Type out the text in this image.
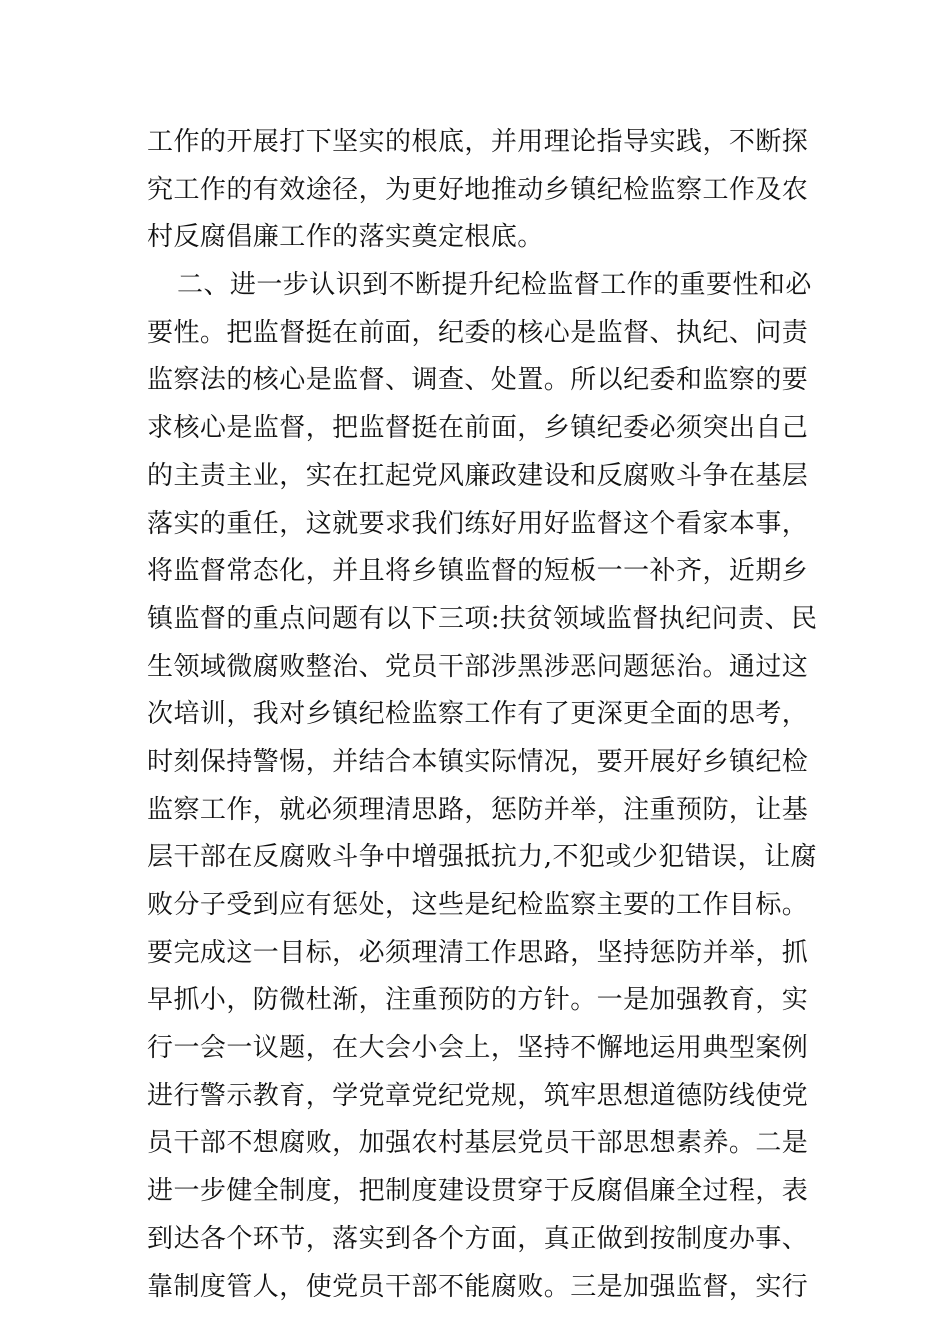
工作的开展打下坚实的根底，并用理论指导实践，不断探
究工作的有效途径，为更好地推动乡镇纪检监察工作及农
村反腐倡廉工作的落实奠定根底。
二、进一步认识到不断提升纪检监督工作的重要性和必
要性。把监督挺在前面，纪委的核心是监督、执纪、问责
监察法的核心是监督、调查、处置。所以纪委和监察的要
求核心是监督，把监督挺在前面，乡镇纪委必须突出自己
的主责主业，实在扛起党风廉政建设和反腐败斗争在基层
落实的重任，这就要求我们练好用好监督这个看家本事，
将监督常态化，并且将乡镇监督的短板一一补齐，近期乡
镇监督的重点问题有以下三项:扶贫领域监督执纪问责、民
生领域微腐败整治、党员干部涉黑涉恶问题惩治。通过这
次培训，我对乡镇纪检监察工作有了更深更全面的思考，
时刻保持警惕，并结合本镇实际情况，要开展好乡镇纪检
监察工作，就必须理清思路，惩防并举，注重预防，让基
层干部在反腐败斗争中增强抵抗力,不犯或少犯错误，让腐
败分子受到应有惩处，这些是纪检监察主要的工作目标。
要完成这一目标，必须理清工作思路，坚持惩防并举，抓
早抓小，防微杜渐，注重预防的方针。一是加强教育，实
行一会一议题，在大会小会上，坚持不懈地运用典型案例
进行警示教育，学党章党纪党规，筑牢思想道德防线使党
员干部不想腐败，加强农村基层党员干部思想素养。二是
进一步健全制度，把制度建设贯穿于反腐倡廉全过程，表
到达各个环节，落实到各个方面，真正做到按制度办事、
靠制度管人，使党员干部不能腐败。三是加强监督，实行
